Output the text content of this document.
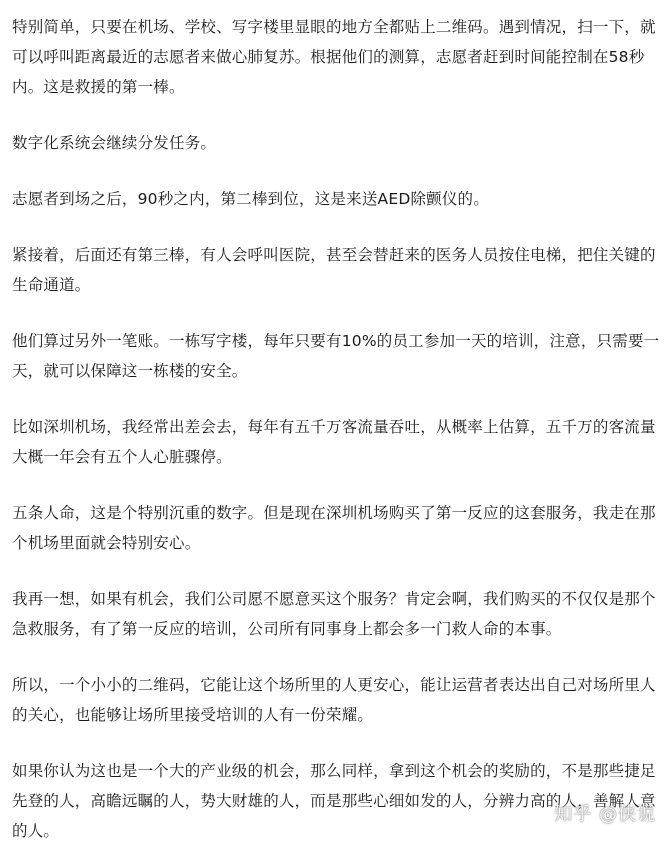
特别简单，只要在机场、学校、写字楼里显眼的地方全都贴上二维码。遇到情况，扫一下，就可以呼叫距离最近的志愿者来做心肺复苏。根据他们的测算，志愿者赶到时间能控制在58秒内。这是救援的第一棒。

数字化系统会继续分发任务。

志愿者到场之后，90秒之内，第二棒到位，这是来送AED除颤仪的。

紧接着，后面还有第三棒，有人会呼叫医院，甚至会替赶来的医务人员按住电梯，把住关键的生命通道。

他们算过另外一笔账。一栋写字楼，每年只要有10%的员工参加一天的培训，注意，只需要一天，就可以保障这一栋楼的安全。

比如深圳机场，我经常出差会去，每年有五千万客流量吞吐，从概率上估算，五千万的客流量大概一年会有五个人心脏骤停。

五条人命，这是个特别沉重的数字。但是现在深圳机场购买了第一反应的这套服务，我走在那个机场里面就会特别安心。

我再一想，如果有机会，我们公司愿不愿意买这个服务？肯定会啊，我们购买的不仅仅是那个急救服务，有了第一反应的培训，公司所有同事身上都会多一门救人命的本事。

所以，一个小小的二维码，它能让这个场所里的人更安心，能让运营者表达出自己对场所里人的关心，也能够让场所里接受培训的人有一份荣耀。

如果你认为这也是一个大的产业级的机会，那么同样，拿到这个机会的奖励的，不是那些捷足先登的人，高瞻远瞩的人，势大财雄的人，而是那些心细如发的人，分辨力高的人，善解人意的人。

知乎 @侠说
